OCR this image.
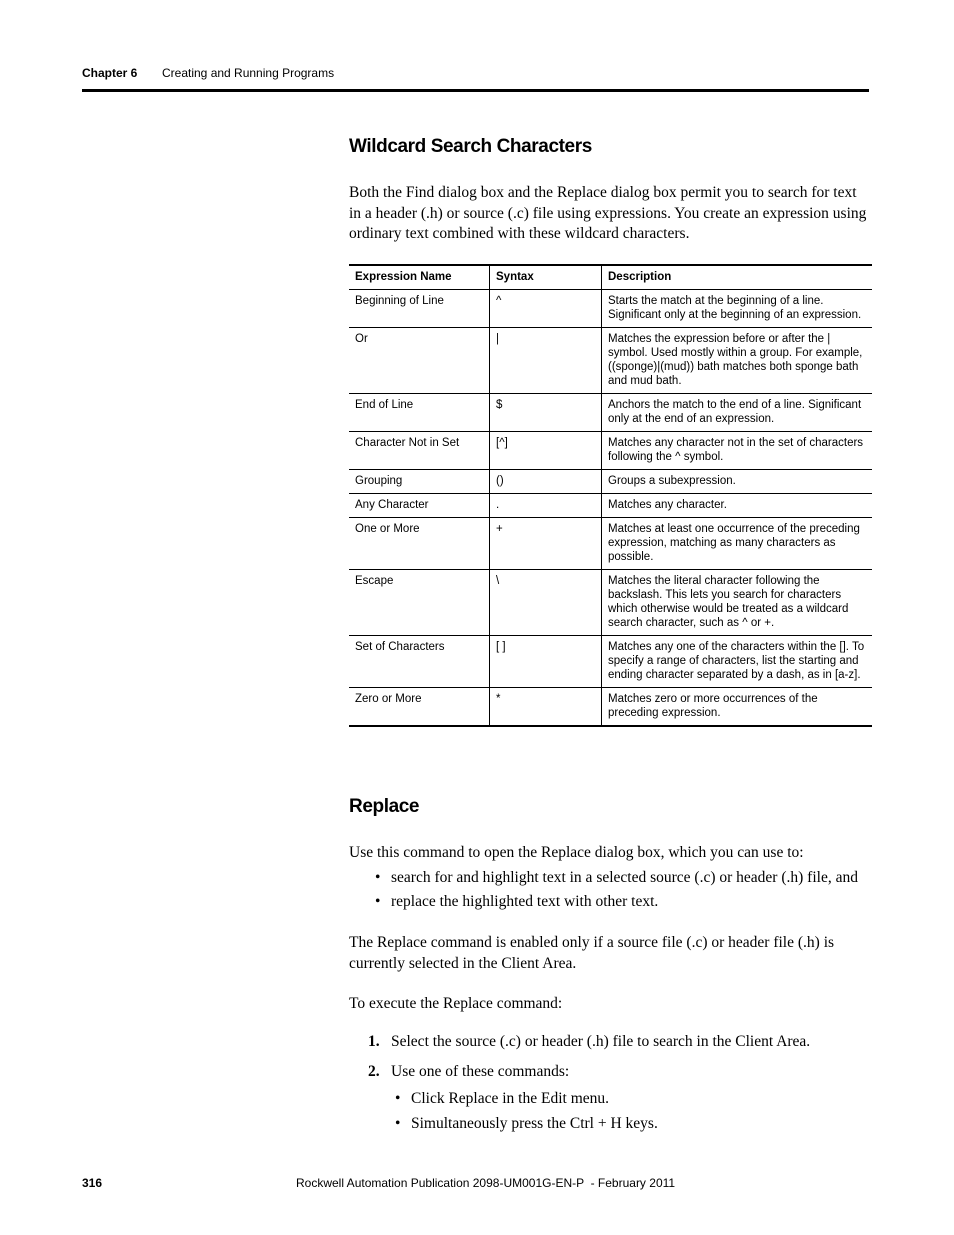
Chapter 6 Creating and Running Programs
Wildcard Search Characters

Both the Find dialog box and the Replace dialog box permit you to search for text in a header (.h) or source (.c) file using expressions. You create an expression using ordinary text combined with these wildcard characters.

Expression Name	Syntax	Description
Beginning of Line	^	Starts the match at the beginning of a line. Significant only at the beginning of an expression.
Or	|	Matches the expression before or after the | symbol. Used mostly within a group. For example, ((sponge)|(mud)) bath matches both sponge bath and mud bath.
End of Line	$	Anchors the match to the end of a line. Significant only at the end of an expression.
Character Not in Set	[^]	Matches any character not in the set of characters following the ^ symbol.
Grouping	()	Groups a subexpression.
Any Character	.	Matches any character.
One or More	+	Matches at least one occurrence of the preceding expression, matching as many characters as possible.
Escape	\	Matches the literal character following the backslash. This lets you search for characters which otherwise would be treated as a wildcard search character, such as ^ or +.
Set of Characters	[ ]	Matches any one of the characters within the []. To specify a range of characters, list the starting and ending character separated by a dash, as in [a-z].
Zero or More	*	Matches zero or more occurrences of the preceding expression.
Replace

Use this command to open the Replace dialog box, which you can use to:

• search for and highlight text in a selected source (.c) or header (.h) file, and
• replace the highlighted text with other text.

The Replace command is enabled only if a source file (.c) or header file (.h) is currently selected in the Client Area.

To execute the Replace command:

1. Select the source (.c) or header (.h) file to search in the Client Area.
2. Use one of these commands:
• Click Replace in the Edit menu.
• Simultaneously press the Ctrl + H keys.
316	Rockwell Automation Publication 2098-UM001G-EN-P  - February 2011
